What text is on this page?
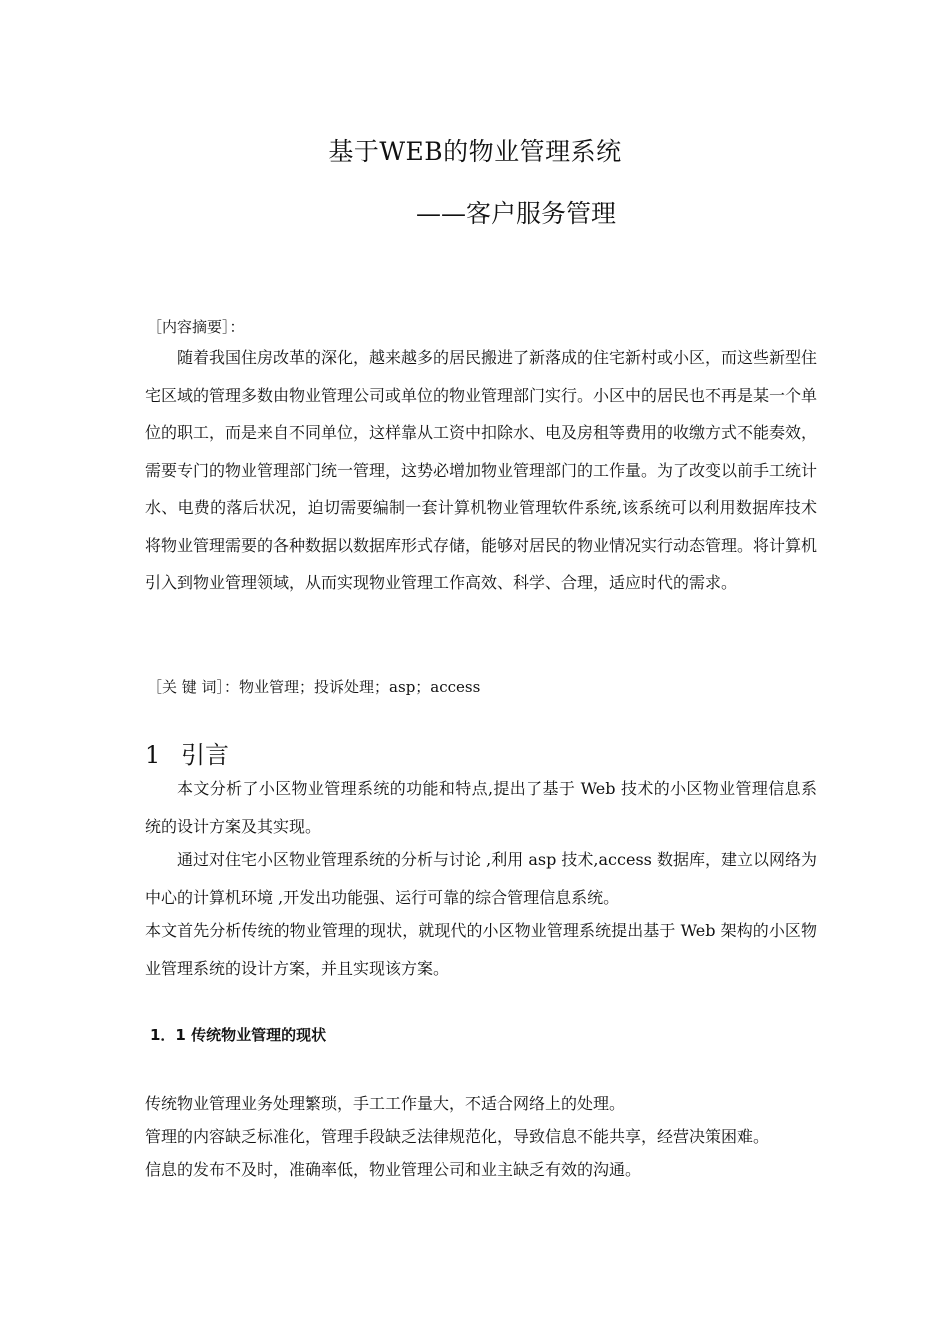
基于WEB的物业管理系统
——客户服务管理
［内容摘要］：

随着我国住房改革的深化，越来越多的居民搬进了新落成的住宅新村或小区，而这些新型住宅区域的管理多数由物业管理公司或单位的物业管理部门实行。小区中的居民也不再是某一个单位的职工，而是来自不同单位，这样靠从工资中扣除水、电及房租等费用的收缴方式不能奏效，需要专门的物业管理部门统一管理，这势必增加物业管理部门的工作量。为了改变以前手工统计水、电费的落后状况，迫切需要编制一套计算机物业管理软件系统,该系统可以利用数据库技术将物业管理需要的各种数据以数据库形式存储，能够对居民的物业情况实行动态管理。将计算机引入到物业管理领域，从而实现物业管理工作高效、科学、合理，适应时代的需求。

［关 键 词］：物业管理；投诉处理；asp；access
1 引言

本文分析了小区物业管理系统的功能和特点,提出了基于 Web 技术的小区物业管理信息系统的设计方案及其实现。

通过对住宅小区物业管理系统的分析与讨论 ,利用 asp 技术,access 数据库，建立以网络为中心的计算机环境 ,开发出功能强、运行可靠的综合管理信息系统。

本文首先分析传统的物业管理的现状，就现代的小区物业管理系统提出基于 Web 架构的小区物业管理系统的设计方案，并且实现该方案。

1．1 传统物业管理的现状

传统物业管理业务处理繁琐，手工工作量大，不适合网络上的处理。

管理的内容缺乏标准化，管理手段缺乏法律规范化，导致信息不能共享，经营决策困难。

信息的发布不及时，准确率低，物业管理公司和业主缺乏有效的沟通。
